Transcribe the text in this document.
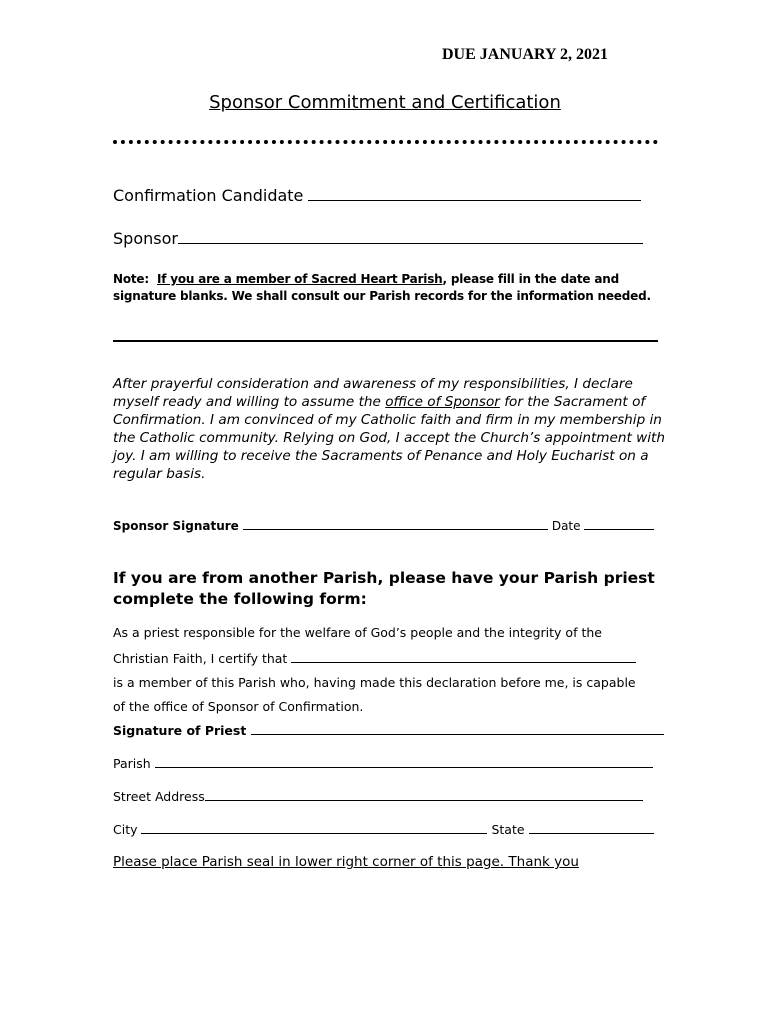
DUE JANUARY 2, 2021
Sponsor Commitment and Certification
Confirmation Candidate
Sponsor
Note: If you are a member of Sacred Heart Parish, please fill in the date and
signature blanks. We shall consult our Parish records for the information needed.
After prayerful consideration and awareness of my responsibilities, I declare myself ready and willing to assume the office of Sponsor for the Sacrament of Confirmation. I am convinced of my Catholic faith and firm in my membership in the Catholic community. Relying on God, I accept the Church’s appointment with joy. I am willing to receive the Sacraments of Penance and Holy Eucharist on a regular basis.
Sponsor Signature	Date
If you are from another Parish, please have your Parish priest complete the following form:
As a priest responsible for the welfare of God’s people and the integrity of the
Christian Faith, I certify that
is a member of this Parish who, having made this declaration before me, is capable
of the office of Sponsor of Confirmation.
Signature of Priest
Parish
Street Address
City	State
Please place Parish seal in lower right corner of this page. Thank you
